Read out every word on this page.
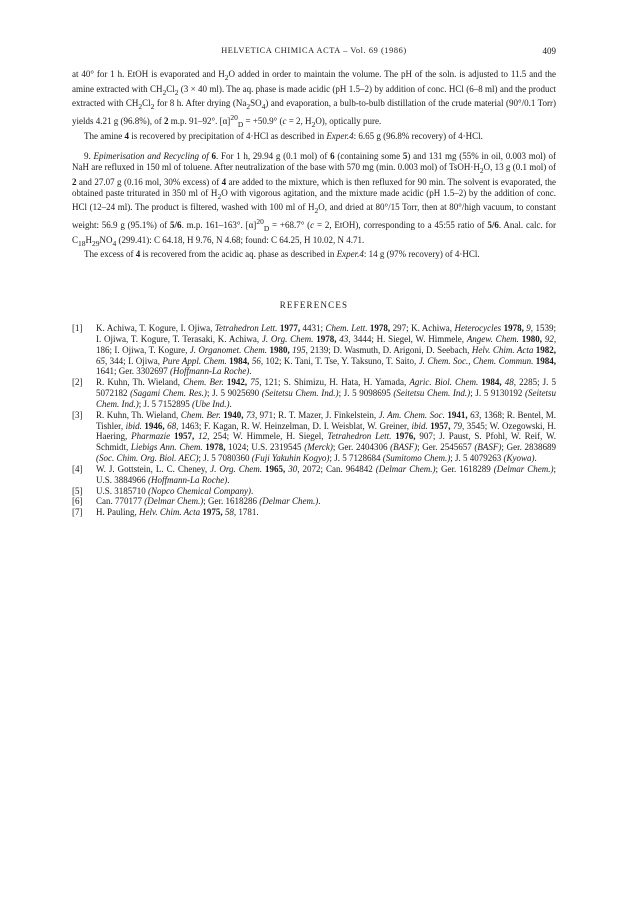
HELVETICA CHIMICA ACTA – Vol. 69 (1986)	409

at 40° for 1 h. EtOH is evaporated and $H_2O$ added in order to maintain the volume. The pH of the soln. is adjusted to 11.5 and the amine extracted with $CH_2Cl_2$ (3 × 40 ml). The aq. phase is made acidic (pH 1.5–2) by addition of conc. HCl (6–8 ml) and the product extracted with $CH_2Cl_2$ for 8 h. After drying $(Na_2SO_4)$ and evaporation, a bulb-to-bulb distillation of the crude material (90°/0.1 Torr) yields 4.21 g (96.8%), of 2 m.p. 91–92°. $[\alpha]^{20}_D = +50.9^\circ$ (c = 2, $H_2O$), optically pure.

The amine 4 is recovered by precipitation of 4·HCl as described in Exper.4: 6.65 g (96.8% recovery) of 4·HCl.

9. Epimerisation and Recycling of 6. For 1 h, 29.94 g (0.1 mol) of 6 (containing some 5) and 131 mg (55% in oil, 0.003 mol) of NaH are refluxed in 150 ml of toluene. After neutralization of the base with 570 mg (min. 0.003 mol) of $TsOH\cdot H_2O$, 13 g (0.1 mol) of 2 and 27.07 g (0.16 mol, 30% excess) of 4 are added to the mixture, which is then refluxed for 90 min. The solvent is evaporated, the obtained paste triturated in 350 ml of $H_2O$ with vigorous agitation, and the mixture made acidic (pH 1.5–2) by the addition of conc. HCl (12–24 ml). The product is filtered, washed with 100 ml of $H_2O$, and dried at 80°/15 Torr, then at 80°/high vacuum, to constant weight: 56.9 g (95.1%) of 5/6. m.p. 161–163°. $[\alpha]^{20}_D = +68.7^\circ$ (c = 2, EtOH), corresponding to a 45:55 ratio of 5/6. Anal. calc. for $C_{18}H_{29}NO_4$ (299.41): C 64.18, H 9.76, N 4.68; found: C 64.25, H 10.02, N 4.71.

The excess of 4 is recovered from the acidic aq. phase as described in Exper.4: 14 g (97% recovery) of 4·HCl.

REFERENCES
[1] K. Achiwa, T. Kogure, I. Ojiwa, Tetrahedron Lett. 1977, 4431; Chem. Lett. 1978, 297; K. Achiwa, Heterocycles 1978, 9, 1539; I. Ojiwa, T. Kogure, T. Terasaki, K. Achiwa, J. Org. Chem. 1978, 43, 3444; H. Siegel, W. Himmele, Angew. Chem. 1980, 92, 186; I. Ojiwa, T. Kogure, J. Organomet. Chem. 1980, 195, 2139; D. Wasmuth, D. Arigoni, D. Seebach, Helv. Chim. Acta 1982, 65, 344; I. Ojiwa, Pure Appl. Chem. 1984, 56, 102; K. Tani, T. Tse, Y. Taksuno, T. Saito, J. Chem. Soc., Chem. Commun. 1984, 1641; Ger. 3302697 (Hoffmann-La Roche).
[2] R. Kuhn, Th. Wieland, Chem. Ber. 1942, 75, 121; S. Shimizu, H. Hata, H. Yamada, Agric. Biol. Chem. 1984, 48, 2285; J. 5 5072182 (Sagami Chem. Res.); J. 5 9025690 (Seitetsu Chem. Ind.); J. 5 9098695 (Seitetsu Chem. Ind.); J. 5 9130192 (Seitetsu Chem. Ind.); J. 5 7152895 (Ube Ind.).
[3] R. Kuhn, Th. Wieland, Chem. Ber. 1940, 73, 971; R. T. Mazer, J. Finkelstein, J. Am. Chem. Soc. 1941, 63, 1368; R. Bentel, M. Tishler, ibid. 1946, 68, 1463; F. Kagan, R. W. Heinzelman, D. I. Weisblat, W. Greiner, ibid. 1957, 79, 3545; W. Ozegowski, H. Haering, Pharmazie 1957, 12, 254; W. Himmele, H. Siegel, Tetrahedron Lett. 1976, 907; J. Paust, S. Pfohl, W. Reif, W. Schmidt, Liebigs Ann. Chem. 1978, 1024; U.S. 2319545 (Merck); Ger. 2404306 (BASF); Ger. 2545657 (BASF); Ger. 2838689 (Soc. Chim. Org. Biol. AEC); J. 5 7080360 (Fuji Yakuhin Kogyo); J. 5 7128684 (Sumitomo Chem.); J. 5 4079263 (Kyowa).
[4] W. J. Gottstein, L. C. Cheney, J. Org. Chem. 1965, 30, 2072; Can. 964842 (Delmar Chem.); Ger. 1618289 (Delmar Chem.); U.S. 3884966 (Hoffmann-La Roche).
[5] U.S. 3185710 (Nopco Chemical Company).
[6] Can. 770177 (Delmar Chem.); Ger. 1618286 (Delmar Chem.).
[7] H. Pauling, Helv. Chim. Acta 1975, 58, 1781.
